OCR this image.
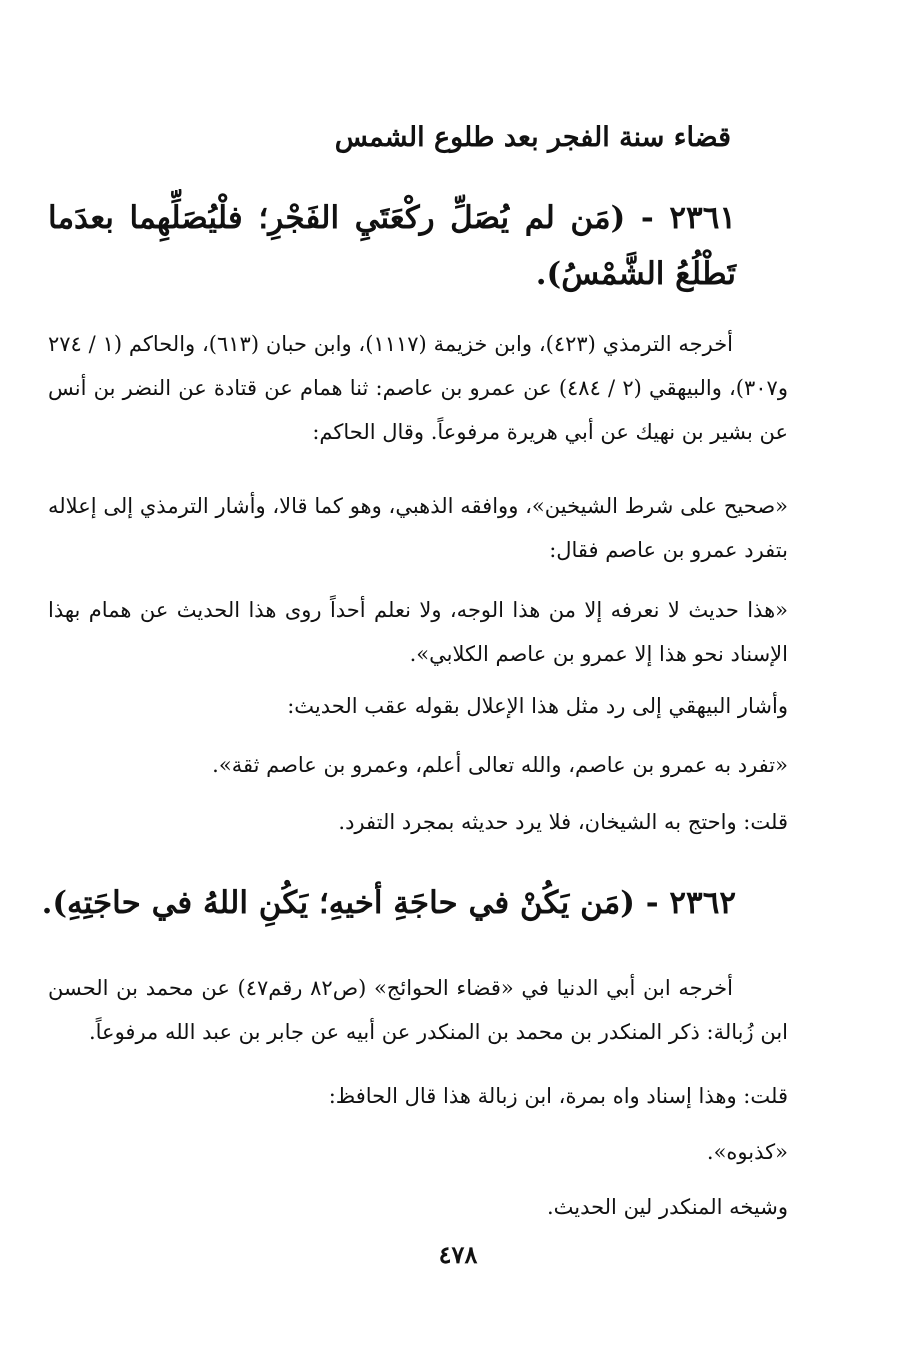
قضاء سنة الفجر بعد طلوع الشمس

٢٣٦١ - (مَن لم يُصَلِّ ركْعَتَيِ الفَجْرِ؛ فلْيُصَلِّهِما بعدَما تَطْلُعُ الشَّمْسُ).

أخرجه الترمذي (٤٢٣)، وابن خزيمة (١١١٧)، وابن حبان (٦١٣)، والحاكم (١ / ٢٧٤ و٣٠٧)، والبيهقي (٢ / ٤٨٤) عن عمرو بن عاصم: ثنا همام عن قتادة عن النضر بن أنس عن بشير بن نهيك عن أبي هريرة مرفوعاً. وقال الحاكم:

«صحيح على شرط الشيخين»، ووافقه الذهبي، وهو كما قالا، وأشار الترمذي إلى إعلاله بتفرد عمرو بن عاصم فقال:

«هذا حديث لا نعرفه إلا من هذا الوجه، ولا نعلم أحداً روى هذا الحديث عن همام بهذا الإسناد نحو هذا إلا عمرو بن عاصم الكلابي».

وأشار البيهقي إلى رد مثل هذا الإعلال بقوله عقب الحديث:

«تفرد به عمرو بن عاصم، والله تعالى أعلم، وعمرو بن عاصم ثقة».

قلت: واحتج به الشيخان، فلا يرد حديثه بمجرد التفرد.

٢٣٦٢ - (مَن يَكُنْ في حاجَةِ أخيهِ؛ يَكُنِ اللهُ في حاجَتِهِ).

أخرجه ابن أبي الدنيا في «قضاء الحوائج» (ص٨٢ رقم٤٧) عن محمد بن الحسن ابن زُبالة: ذكر المنكدر بن محمد بن المنكدر عن أبيه عن جابر بن عبد الله مرفوعاً.

قلت: وهذا إسناد واه بمرة، ابن زبالة هذا قال الحافظ:

«كذبوه».

وشيخه المنكدر لين الحديث.

٤٧٨
